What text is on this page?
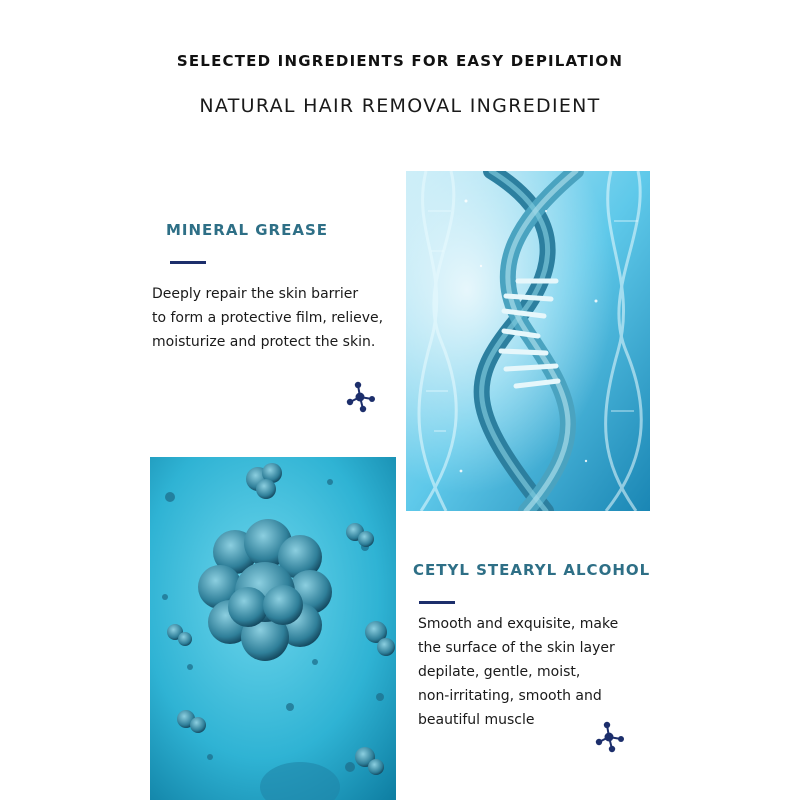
SELECTED INGREDIENTS FOR EASY DEPILATION
NATURAL HAIR REMOVAL INGREDIENT
MINERAL GREASE

Deeply repair the skin barrier
to form a protective film, relieve,
moisturize and protect the skin.

CETYL STEARYL ALCOHOL

Smooth and exquisite, make
the surface of the skin layer
depilate, gentle, moist,
non-irritating, smooth and
beautiful muscle
